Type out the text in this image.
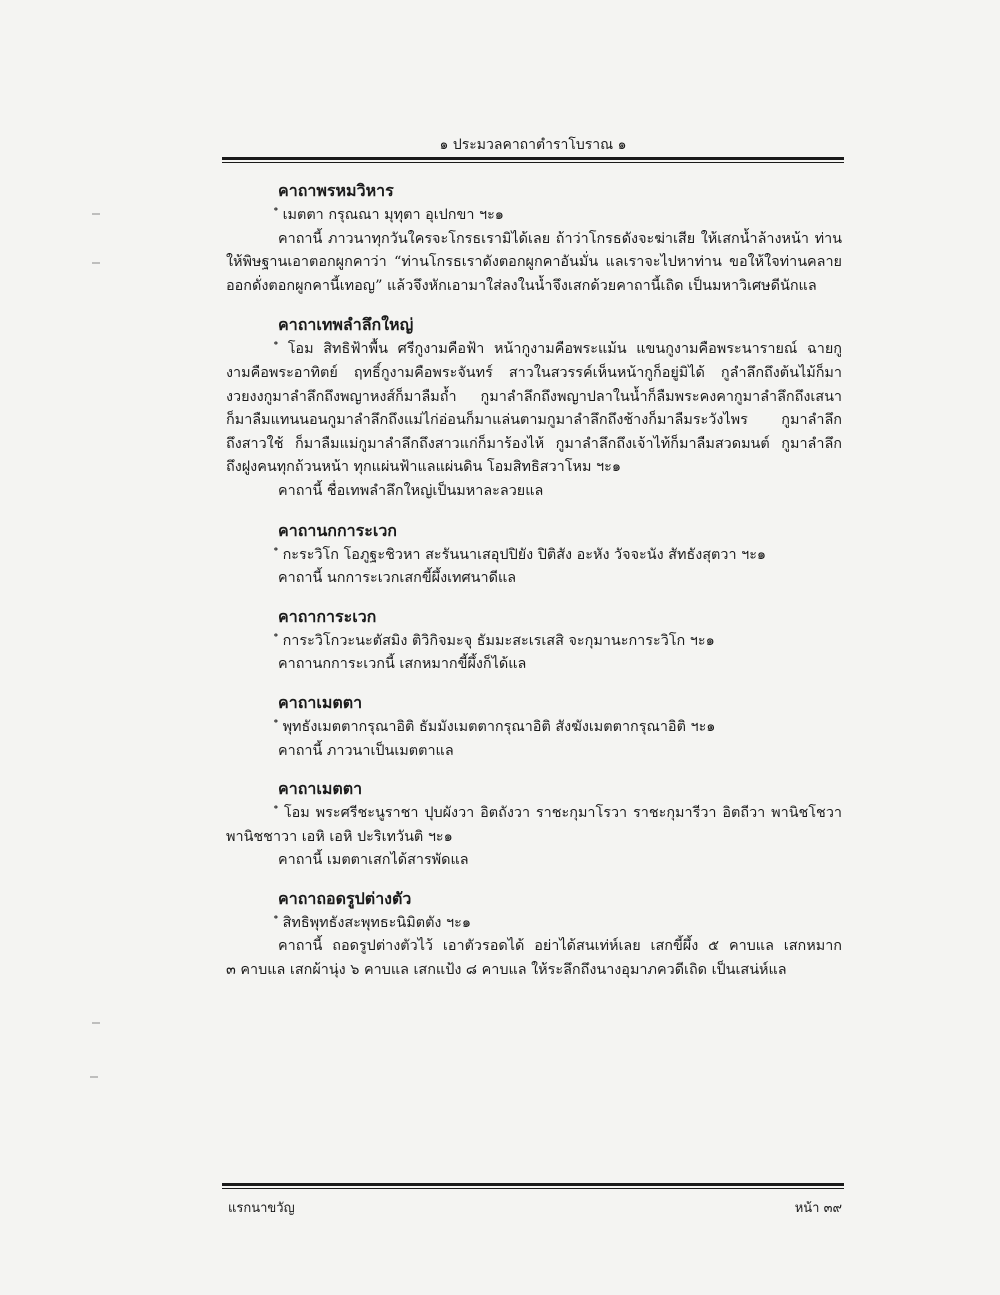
๑ ประมวลคาถาตำราโบราณ ๑
คาถาพรหมวิหาร
ํ เมตตา กรุณณา มุทุตา อุเปกขา ฯะ๑
คาถานี้ ภาวนาทุกวันใครจะโกรธเรามิได้เลย ถ้าว่าโกรธดังจะฆ่าเสีย ให้เสกน้ำล้างหน้า ท่าน
ให้พิษฐานเอาตอกผูกคาว่า “ท่านโกรธเราดังตอกผูกคาอันมั่น แลเราจะไปหาท่าน ขอให้ใจท่านคลาย
ออกดั่งตอกผูกคานี้เทอญ” แล้วจึงหักเอามาใส่ลงในน้ำจึงเสกด้วยคาถานี้เถิด เป็นมหาวิเศษดีนักแล
คาถาเทพลำลึกใหญ่
ํ โอม สิทธิฟ้าพื้น ศรีกูงามคือฟ้า หน้ากูงามคือพระแม้น แขนกูงามคือพระนารายณ์ ฉายกู
งามคือพระอาทิตย์ ฤทธิ์กูงามคือพระจันทร์ สาวในสวรรค์เห็นหน้ากูก็อยู่มิได้ กูลำลึกถึงต้นไม้ก็มา
งวยงงกูมาลำลึกถึงพญาหงส์ก็มาลืมถ้ำ กูมาลำลึกถึงพญาปลาในน้ำก็ลืมพระคงคากูมาลำลึกถึงเสนา
ก็มาลืมแทนนอนกูมาลำลึกถึงแม่ไก่อ่อนก็มาแล่นตามกูมาลำลึกถึงช้างก็มาลืมระวังไพร กูมาลำลึก
ถึงสาวใช้ ก็มาลืมแม่กูมาลำลึกถึงสาวแก่ก็มาร้องไห้ กูมาลำลึกถึงเจ้าไท้ก็มาลืมสวดมนต์ กูมาลำลึก
ถึงฝูงคนทุกถ้วนหน้า ทุกแผ่นฟ้าแลแผ่นดิน โอมสิทธิสวาโหม ฯะ๑
คาถานี้ ชื่อเทพลำลึกใหญ่เป็นมหาละลวยแล
คาถานกการะเวก
ํ กะระวิโก โอภูฐะชิวหา สะรันนาเสอุปปิยัง ปิติสัง อะหัง วัจจะนัง สัทธังสุตวา ฯะ๑
คาถานี้ นกการะเวกเสกขี้ผึ้งเทศนาดีแล
คาถาการะเวก
ํ การะวิโกวะนะตัสมิง ติวิกิจมะจุ ธัมมะสะเรเสสิ จะกุมานะการะวิโก ฯะ๑
คาถานกการะเวกนี้ เสกหมากขี้ผึ้งก็ได้แล
คาถาเมตตา
ํ พุทธังเมตตากรุณาอิติ ธัมมังเมตตากรุณาอิติ สังฆังเมตตากรุณาอิติ ฯะ๑
คาถานี้ ภาวนาเป็นเมตตาแล
คาถาเมตตา
ํ โอม พระศรีชะนูราชา ปุบผังวา อิตถังวา ราชะกุมาโรวา ราชะกุมารีวา อิตถีวา พานิชโชวา
พานิชชาวา เอหิ เอหิ ปะริเทวันติ ฯะ๑
คาถานี้ เมตตาเสกได้สารพัดแล
คาถาถอดรูปต่างตัว
ํ สิทธิพุทธังสะพุทธะนิมิตตัง ฯะ๑
คาถานี้ ถอดรูปต่างตัวไว้ เอาตัวรอดได้ อย่าได้สนเท่ห์เลย เสกขี้ผึ้ง ๕ คาบแล เสกหมาก
๓ คาบแล เสกผ้านุ่ง ๖ คาบแล เสกแป้ง ๘ คาบแล ให้ระลึกถึงนางอุมาภควดีเถิด เป็นเสน่ห์แล
แรกนาขวัญ	หน้า ๓๙
